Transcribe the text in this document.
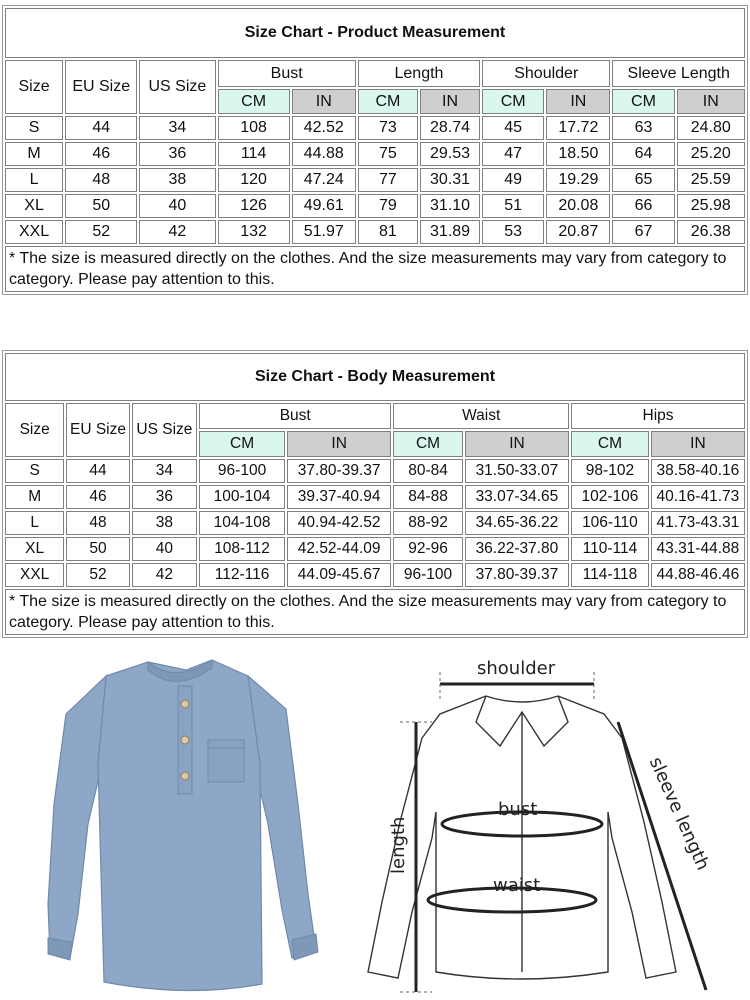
Size Chart - Product Measurement										
Size	EU Size	US Size	Bust		Length		Shoulder		Sleeve Length	
			CM	IN	CM	IN	CM	IN	CM	IN
S	44	34	108	42.52	73	28.74	45	17.72	63	24.80
M	46	36	114	44.88	75	29.53	47	18.50	64	25.20
L	48	38	120	47.24	77	30.31	49	19.29	65	25.59
XL	50	40	126	49.61	79	31.10	51	20.08	66	25.98
XXL	52	42	132	51.97	81	31.89	53	20.87	67	26.38
* The size is measured directly on the clothes. And the size measurements may vary from category to category. Please pay attention to this.										
Size Chart - Body Measurement								
Size	EU Size	US Size	Bust		Waist		Hips	
			CM	IN	CM	IN	CM	IN
S	44	34	96-100	37.80-39.37	80-84	31.50-33.07	98-102	38.58-40.16
M	46	36	100-104	39.37-40.94	84-88	33.07-34.65	102-106	40.16-41.73
L	48	38	104-108	40.94-42.52	88-92	34.65-36.22	106-110	41.73-43.31
XL	50	40	108-112	42.52-44.09	92-96	36.22-37.80	110-114	43.31-44.88
XXL	52	42	112-116	44.09-45.67	96-100	37.80-39.37	114-118	44.88-46.46
* The size is measured directly on the clothes. And the size measurements may vary from category to category. Please pay attention to this.								
shoulder
bust
waist
length	sleeve length
